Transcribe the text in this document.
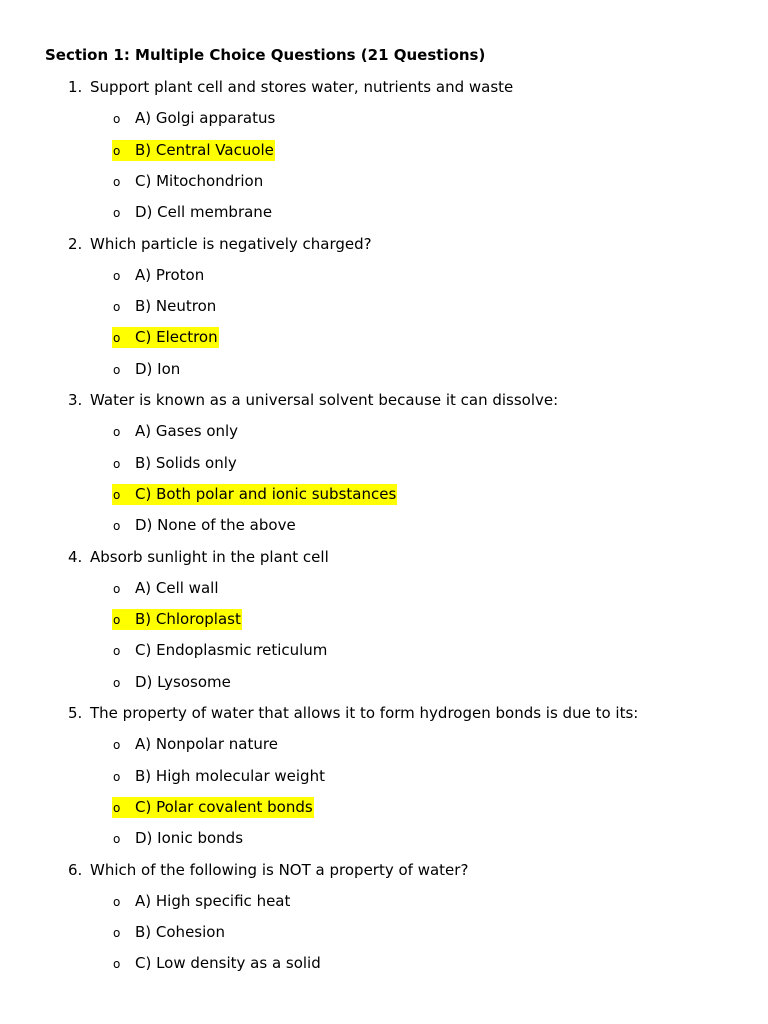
Section 1: Multiple Choice Questions (21 Questions)
1. Support plant cell and stores water, nutrients and waste
o A) Golgi apparatus
o B) Central Vacuole
o C) Mitochondrion
o D) Cell membrane
2. Which particle is negatively charged?
o A) Proton
o B) Neutron
o C) Electron
o D) Ion
3. Water is known as a universal solvent because it can dissolve:
o A) Gases only
o B) Solids only
o C) Both polar and ionic substances
o D) None of the above
4. Absorb sunlight in the plant cell
o A) Cell wall
o B) Chloroplast
o C) Endoplasmic reticulum
o D) Lysosome
5. The property of water that allows it to form hydrogen bonds is due to its:
o A) Nonpolar nature
o B) High molecular weight
o C) Polar covalent bonds
o D) Ionic bonds
6. Which of the following is NOT a property of water?
o A) High specific heat
o B) Cohesion
o C) Low density as a solid
